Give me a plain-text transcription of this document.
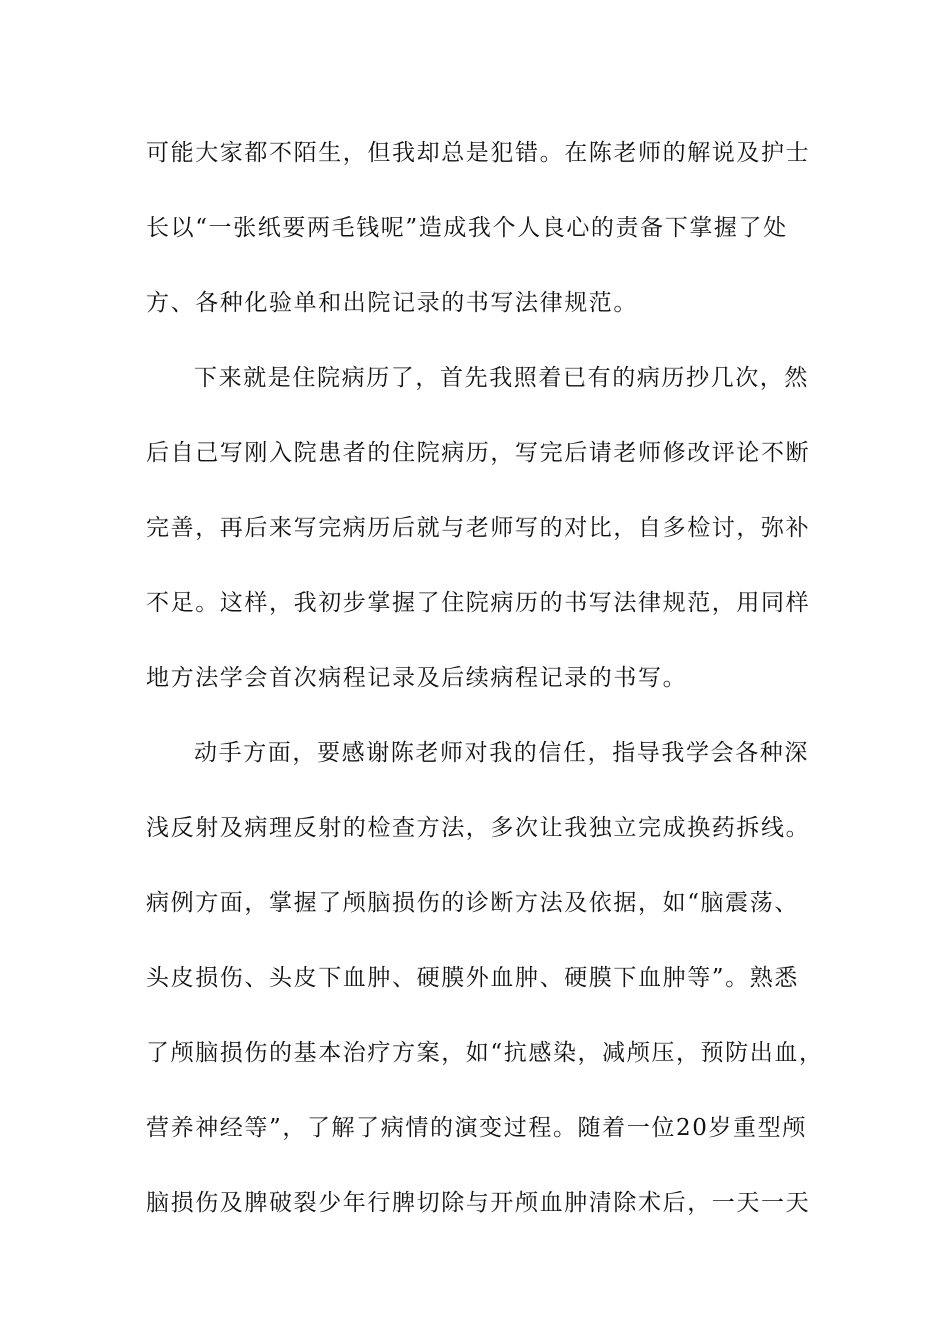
可能大家都不陌生，但我却总是犯错。在陈老师的解说及护士
长以“一张纸要两毛钱呢”造成我个人良心的责备下掌握了处
方、各种化验单和出院记录的书写法律规范。
下来就是住院病历了，首先我照着已有的病历抄几次，然
后自己写刚入院患者的住院病历，写完后请老师修改评论不断
完善，再后来写完病历后就与老师写的对比，自多检讨，弥补
不足。这样，我初步掌握了住院病历的书写法律规范，用同样
地方法学会首次病程记录及后续病程记录的书写。
动手方面，要感谢陈老师对我的信任，指导我学会各种深
浅反射及病理反射的检查方法，多次让我独立完成换药拆线。
病例方面，掌握了颅脑损伤的诊断方法及依据，如“脑震荡、
头皮损伤、头皮下血肿、硬膜外血肿、硬膜下血肿等”。熟悉
了颅脑损伤的基本治疗方案，如“抗感染，减颅压，预防出血，
营养神经等”，了解了病情的演变过程。随着一位20岁重型颅
脑损伤及脾破裂少年行脾切除与开颅血肿清除术后，一天一天
